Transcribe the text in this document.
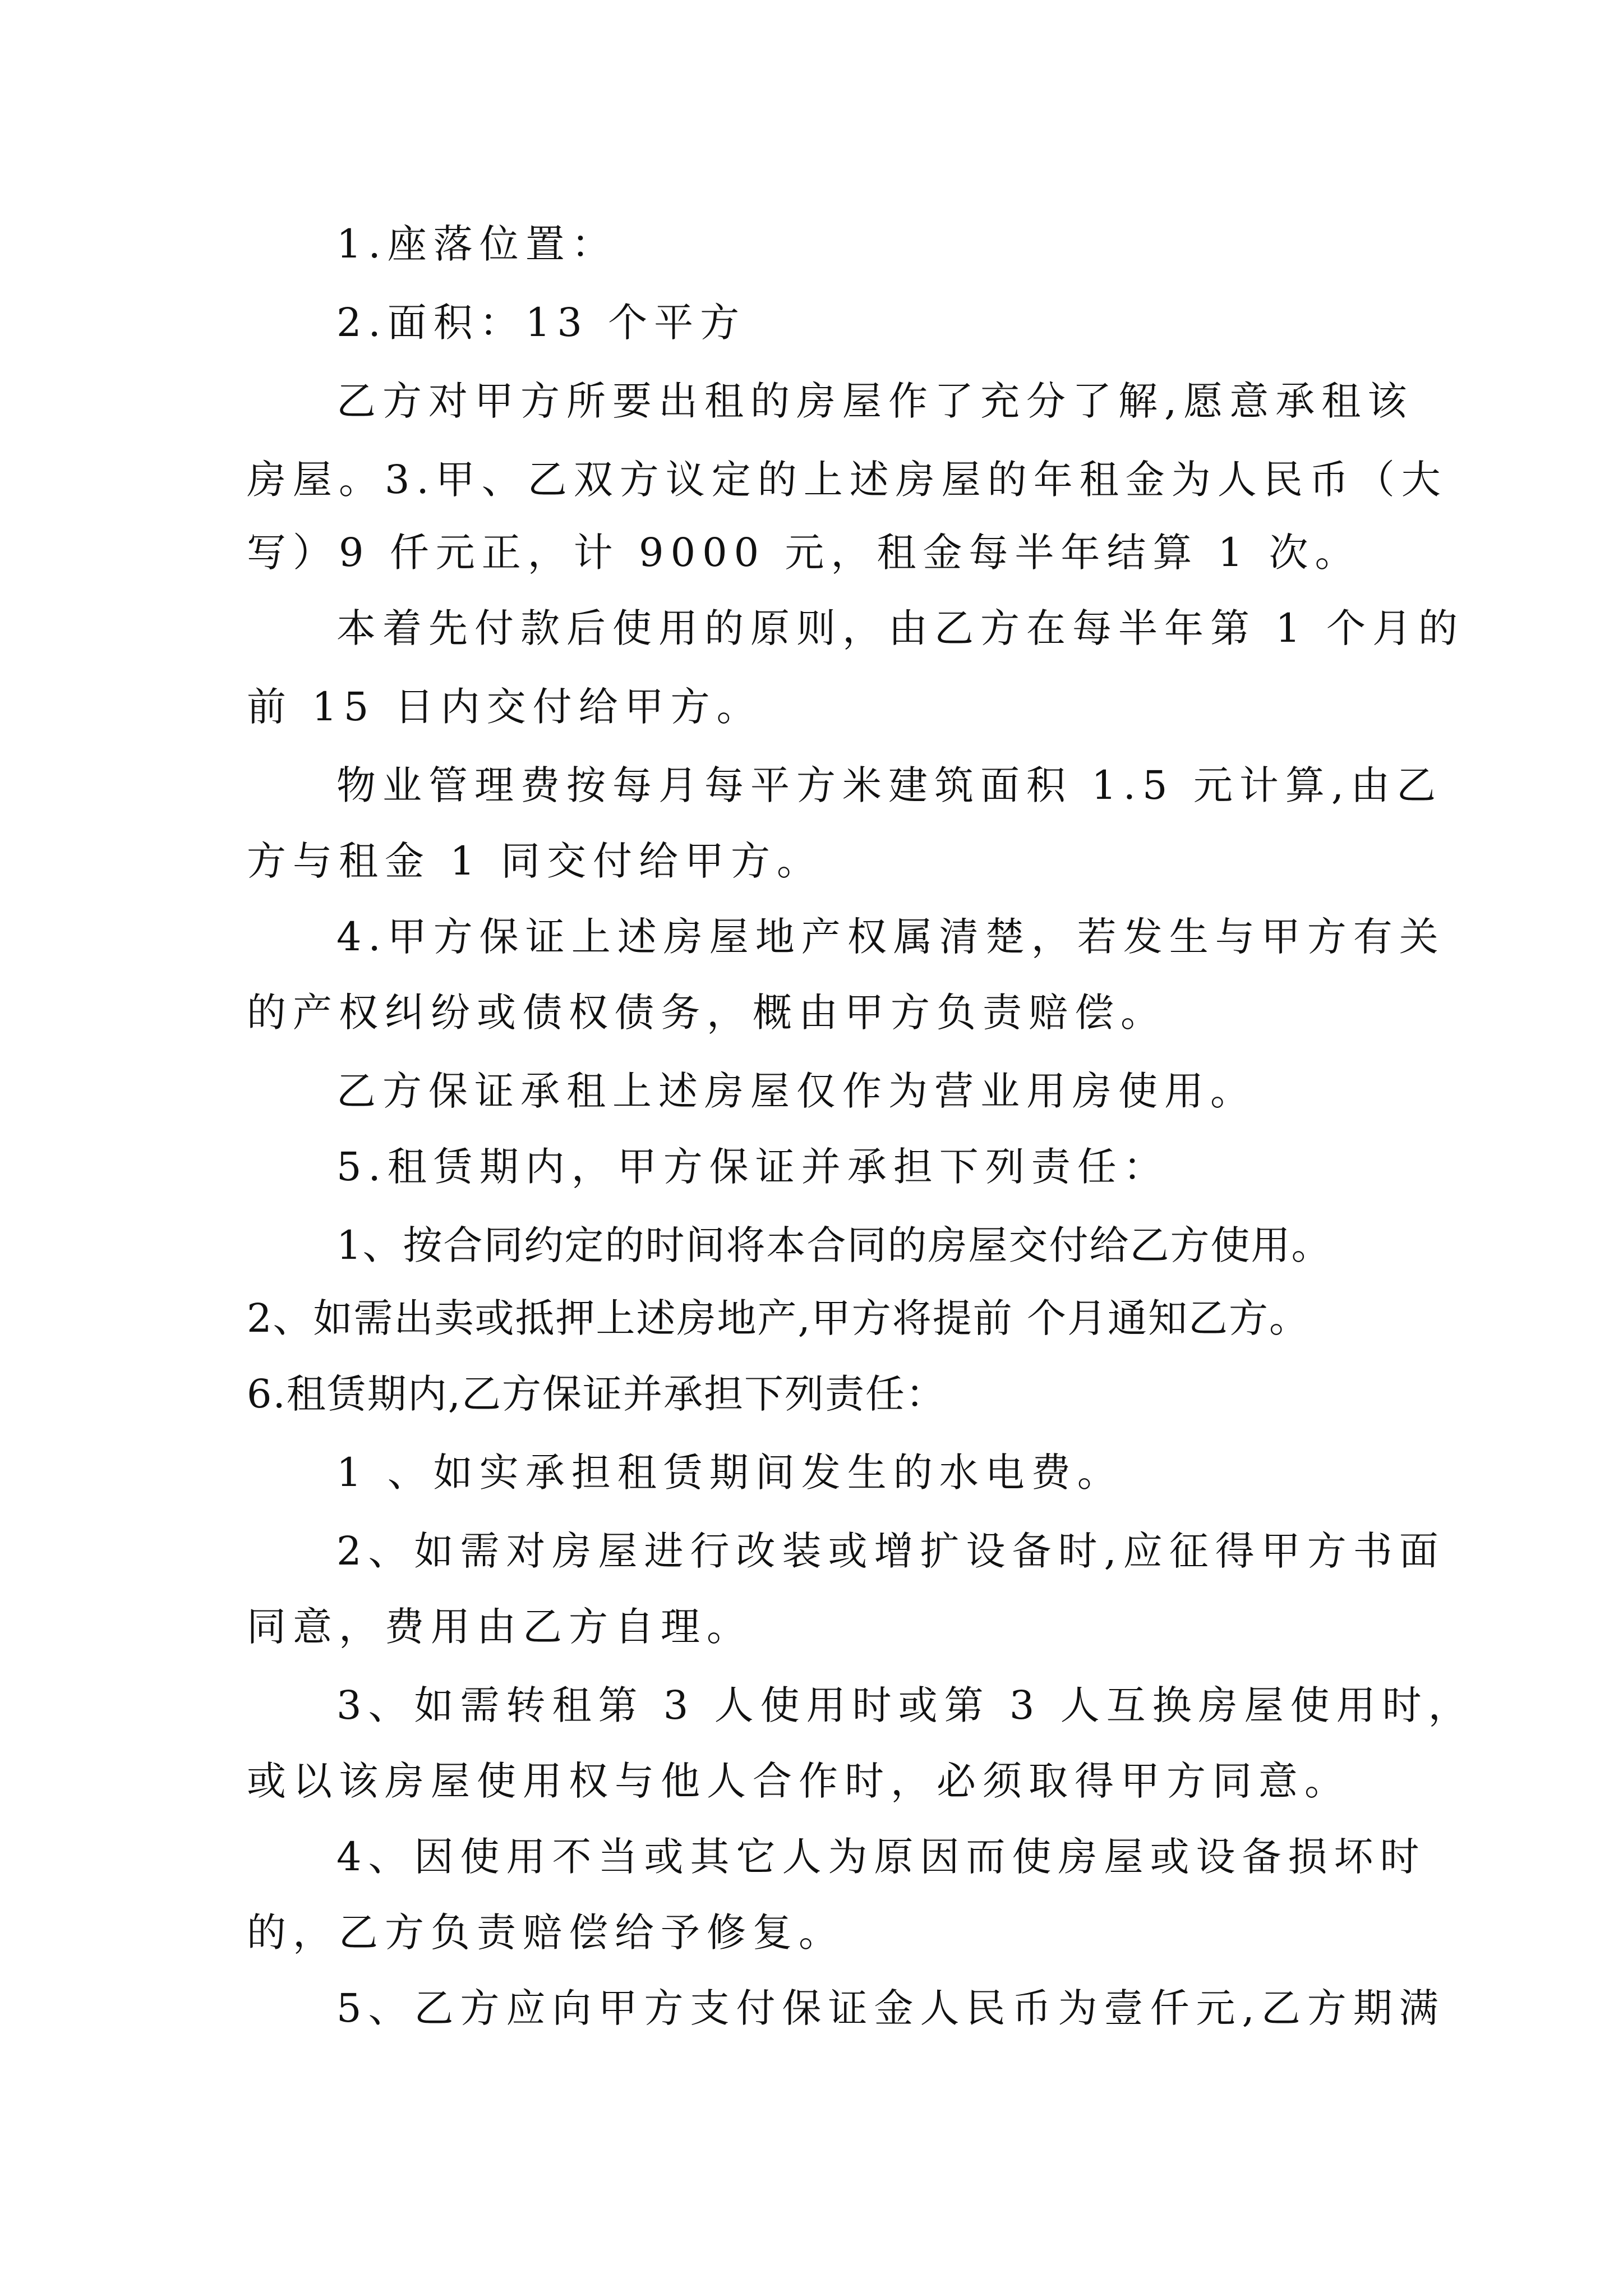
1.座落位置：

2.面积：13 个平方

乙方对甲方所要出租的房屋作了充分了解,愿意承租该

房屋。3.甲、乙双方议定的上述房屋的年租金为人民币（大

写）9 仟元正，计 9000 元，租金每半年结算 1 次。

本着先付款后使用的原则，由乙方在每半年第 1 个月的

前 15 日内交付给甲方。

物业管理费按每月每平方米建筑面积 1.5 元计算,由乙

方与租金 1 同交付给甲方。

4.甲方保证上述房屋地产权属清楚，若发生与甲方有关

的产权纠纷或债权债务，概由甲方负责赔偿。

乙方保证承租上述房屋仅作为营业用房使用。

5.租赁期内，甲方保证并承担下列责任：

1、按合同约定的时间将本合同的房屋交付给乙方使用。

2、如需出卖或抵押上述房地产,甲方将提前 个月通知乙方。

6.租赁期内,乙方保证并承担下列责任：

1 、如实承担租赁期间发生的水电费。

2、如需对房屋进行改装或增扩设备时,应征得甲方书面

同意，费用由乙方自理。

3、如需转租第 3 人使用时或第 3 人互换房屋使用时，

或以该房屋使用权与他人合作时，必须取得甲方同意。

4、因使用不当或其它人为原因而使房屋或设备损坏时

的，乙方负责赔偿给予修复。

5、乙方应向甲方支付保证金人民币为壹仟元,乙方期满
